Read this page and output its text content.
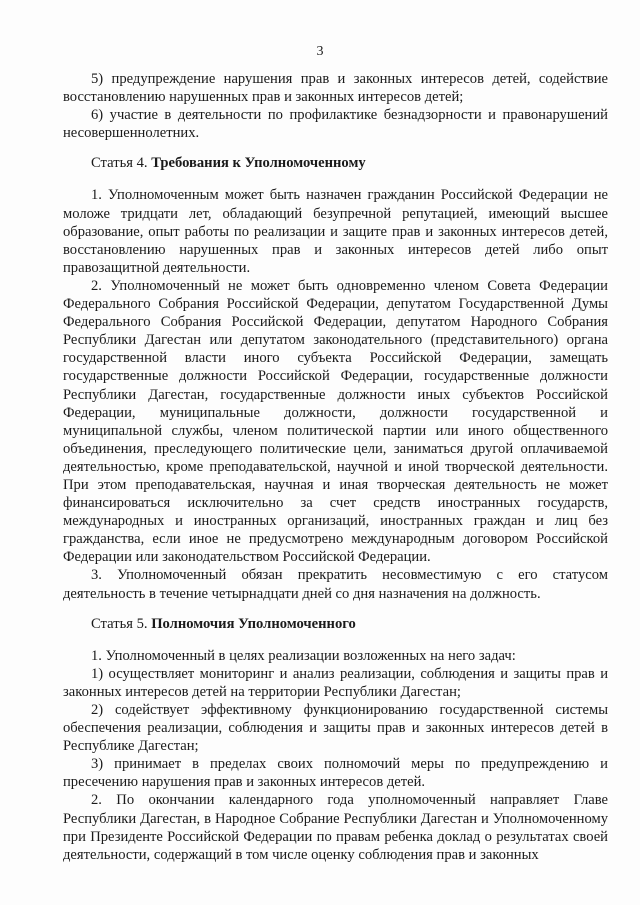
3

5) предупреждение нарушения прав и законных интересов детей, содействие восстановлению нарушенных прав и законных интересов детей;

6) участие в деятельности по профилактике безнадзорности и правонарушений несовершеннолетних.

Статья 4. Требования к Уполномоченному

1. Уполномоченным может быть назначен гражданин Российской Федерации не моложе тридцати лет, обладающий безупречной репутацией, имеющий высшее образование, опыт работы по реализации и защите прав и законных интересов детей, восстановлению нарушенных прав и законных интересов детей либо опыт правозащитной деятельности.

2. Уполномоченный не может быть одновременно членом Совета Федерации Федерального Собрания Российской Федерации, депутатом Государственной Думы Федерального Собрания Российской Федерации, депутатом Народного Собрания Республики Дагестан или депутатом законодательного (представительного) органа государственной власти иного субъекта Российской Федерации, замещать государственные должности Российской Федерации, государственные должности Республики Дагестан, государственные должности иных субъектов Российской Федерации, муниципальные должности, должности государственной и муниципальной службы, членом политической партии или иного общественного объединения, преследующего политические цели, заниматься другой оплачиваемой деятельностью, кроме преподавательской, научной и иной творческой деятельности. При этом преподавательская, научная и иная творческая деятельность не может финансироваться исключительно за счет средств иностранных государств, международных и иностранных организаций, иностранных граждан и лиц без гражданства, если иное не предусмотрено международным договором Российской Федерации или законодательством Российской Федерации.

3. Уполномоченный обязан прекратить несовместимую с его статусом деятельность в течение четырнадцати дней со дня назначения на должность.

Статья 5. Полномочия Уполномоченного

1. Уполномоченный в целях реализации возложенных на него задач:

1) осуществляет мониторинг и анализ реализации, соблюдения и защиты прав и законных интересов детей на территории Республики Дагестан;

2) содействует эффективному функционированию государственной системы обеспечения реализации, соблюдения и защиты прав и законных интересов детей в Республике Дагестан;

3) принимает в пределах своих полномочий меры по предупреждению и пресечению нарушения прав и законных интересов детей.

2. По окончании календарного года уполномоченный направляет Главе Республики Дагестан, в Народное Собрание Республики Дагестан и Уполномоченному при Президенте Российской Федерации по правам ребенка доклад о результатах своей деятельности, содержащий в том числе оценку соблюдения прав и законных
